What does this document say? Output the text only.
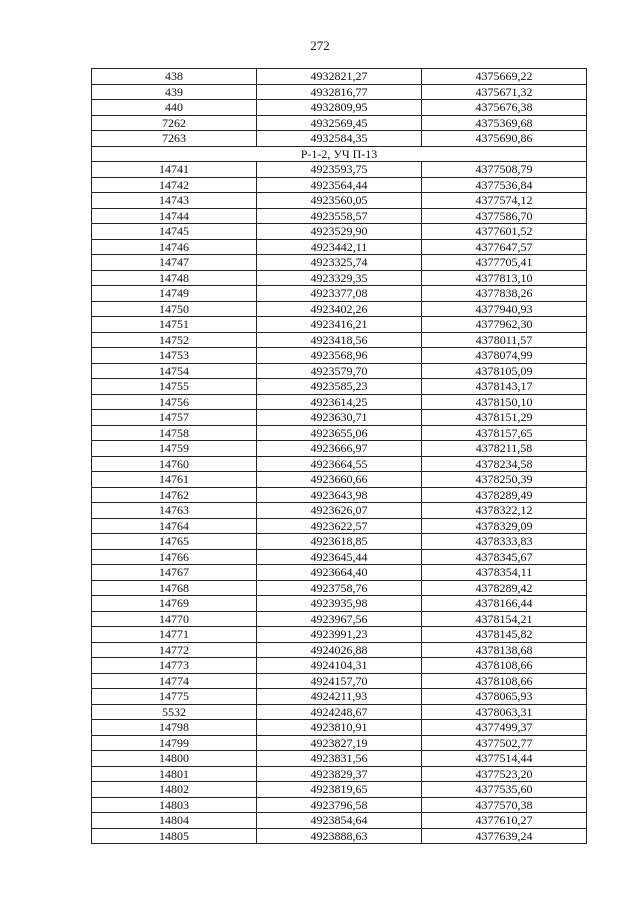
272
438	4932821,27	4375669,22
439	4932816,77	4375671,32
440	4932809,95	4375676,38
7262	4932569,45	4375369,68
7263	4932584,35	4375690,86
Р-1-2, УЧ П-13		
14741	4923593,75	4377508,79
14742	4923564,44	4377536,84
14743	4923560,05	4377574,12
14744	4923558,57	4377586,70
14745	4923529,90	4377601,52
14746	4923442,11	4377647,57
14747	4923325,74	4377705,41
14748	4923329,35	4377813,10
14749	4923377,08	4377838,26
14750	4923402,26	4377940,93
14751	4923416,21	4377962,30
14752	4923418,56	4378011,57
14753	4923568,96	4378074,99
14754	4923579,70	4378105,09
14755	4923585,23	4378143,17
14756	4923614,25	4378150,10
14757	4923630,71	4378151,29
14758	4923655,06	4378157,65
14759	4923666,97	4378211,58
14760	4923664,55	4378234,58
14761	4923660,66	4378250,39
14762	4923643,98	4378289,49
14763	4923626,07	4378322,12
14764	4923622,57	4378329,09
14765	4923618,85	4378333,83
14766	4923645,44	4378345,67
14767	4923664,40	4378354,11
14768	4923758,76	4378289,42
14769	4923935,98	4378166,44
14770	4923967,56	4378154,21
14771	4923991,23	4378145,82
14772	4924026,88	4378138,68
14773	4924104,31	4378108,66
14774	4924157,70	4378108,66
14775	4924211,93	4378065,93
5532	4924248,67	4378063,31
14798	4923810,91	4377499,37
14799	4923827,19	4377502,77
14800	4923831,56	4377514,44
14801	4923829,37	4377523,20
14802	4923819,65	4377535,60
14803	4923796,58	4377570,38
14804	4923854,64	4377610,27
14805	4923888,63	4377639,24
